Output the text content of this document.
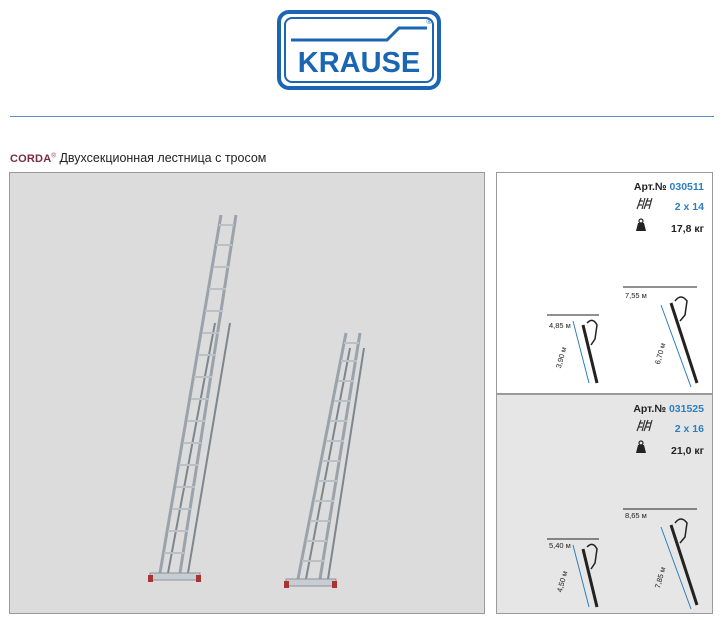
KRAUSE
®
CORDA® Двухсекционная лестница с тросом
Арт.№ 030511
2 x 14
17,8 кг
4,85 м
3,90 м
7,55 м
6,70 м
Арт.№ 031525
2 x 16
21,0 кг
5,40 м
4,50 м
8,65 м
7,85 м
